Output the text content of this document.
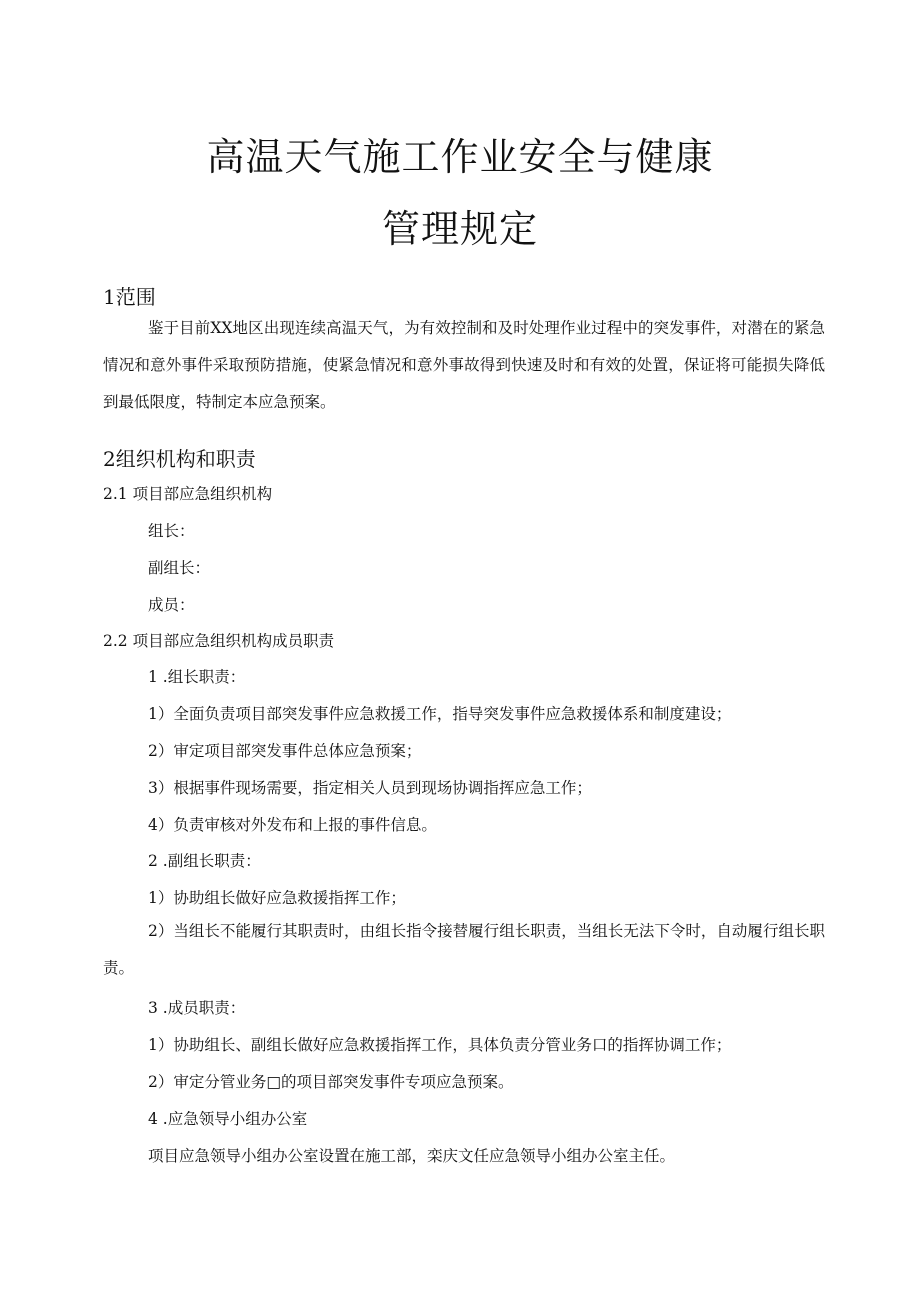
高温天气施工作业安全与健康
管理规定
1范围
鉴于目前XX地区出现连续高温天气，为有效控制和及时处理作业过程中的突发事件，对潜在的紧急情况和意外事件采取预防措施，使紧急情况和意外事故得到快速及时和有效的处置，保证将可能损失降低到最低限度，特制定本应急预案。
2组织机构和职责
2.1 项目部应急组织机构
组长：
副组长：
成员：
2.2 项目部应急组织机构成员职责
1 .组长职责：
1）全面负责项目部突发事件应急救援工作，指导突发事件应急救援体系和制度建设；
2）审定项目部突发事件总体应急预案；
3）根据事件现场需要，指定相关人员到现场协调指挥应急工作；
4）负责审核对外发布和上报的事件信息。
2 .副组长职责：
1）协助组长做好应急救援指挥工作；
2）当组长不能履行其职责时，由组长指令接替履行组长职责，当组长无法下令时，自动履行组长职责。
3 .成员职责：
1）协助组长、副组长做好应急救援指挥工作，具体负责分管业务口的指挥协调工作；
2）审定分管业务□的项目部突发事件专项应急预案。
4 .应急领导小组办公室
项目应急领导小组办公室设置在施工部，栾庆文任应急领导小组办公室主任。
